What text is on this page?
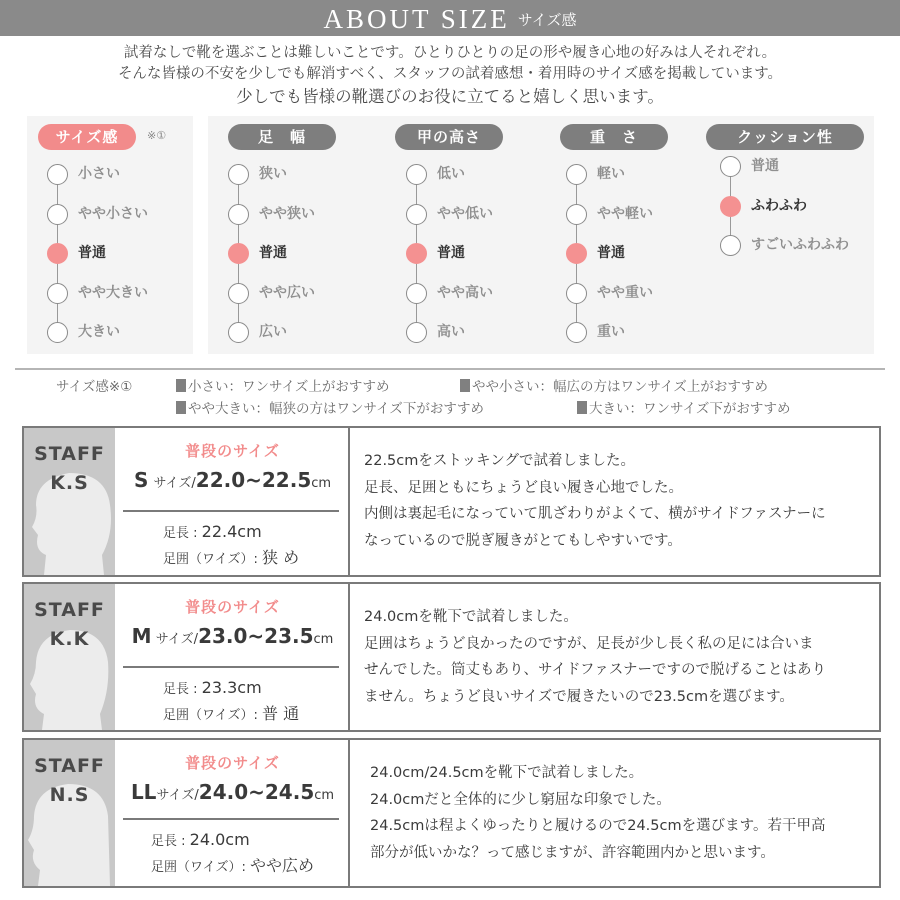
ABOUT SIZE サイズ感
試着なしで靴を選ぶことは難しいことです。ひとりひとりの足の形や履き心地の好みは人それぞれ。
そんな皆様の不安を少しでも解消すべく、スタッフの試着感想・着用時のサイズ感を掲載しています。
少しでも皆様の靴選びのお役に立てると嬉しく思います。
サイズ感	※①
小さい
やや小さい
普通
やや大きい
大きい
足　幅
狭い
やや狭い
普通
やや広い
広い
甲の高さ
低い
やや低い
普通
やや高い
高い
重　さ
軽い
やや軽い
普通
やや重い
重い
クッション性
普通
ふわふわ
すごいふわふわ
サイズ感※①	小さい：ワンサイズ上がおすすめ	やや小さい：幅広の方はワンサイズ上がおすすめ
やや大きい：幅狭の方はワンサイズ下がおすすめ	大きい：ワンサイズ下がおすすめ
STAFF
K.S
普段のサイズ
S サイズ/22.0~22.5cm
足長 : 22.4cm
足囲（ワイズ）: 狭 め
22.5cmをストッキングで試着しました。
足長、足囲ともにちょうど良い履き心地でした。
内側は裏起毛になっていて肌ざわりがよくて、横がサイドファスナーに
なっているので脱ぎ履きがとてもしやすいです。
STAFF
K.K
普段のサイズ
M サイズ/23.0~23.5cm
足長 : 23.3cm
足囲（ワイズ）: 普 通
24.0cmを靴下で試着しました。
足囲はちょうど良かったのですが、足長が少し長く私の足には合いま
せんでした。筒丈もあり、サイドファスナーですので脱げることはあり
ません。ちょうど良いサイズで履きたいので23.5cmを選びます。
STAFF
N.S
普段のサイズ
LLサイズ/24.0~24.5cm
足長 : 24.0cm
足囲（ワイズ）: やや広め
24.0cm/24.5cmを靴下で試着しました。
24.0cmだと全体的に少し窮屈な印象でした。
24.5cmは程よくゆったりと履けるので24.5cmを選びます。若干甲高
部分が低いかな？って感じますが、許容範囲内かと思います。
